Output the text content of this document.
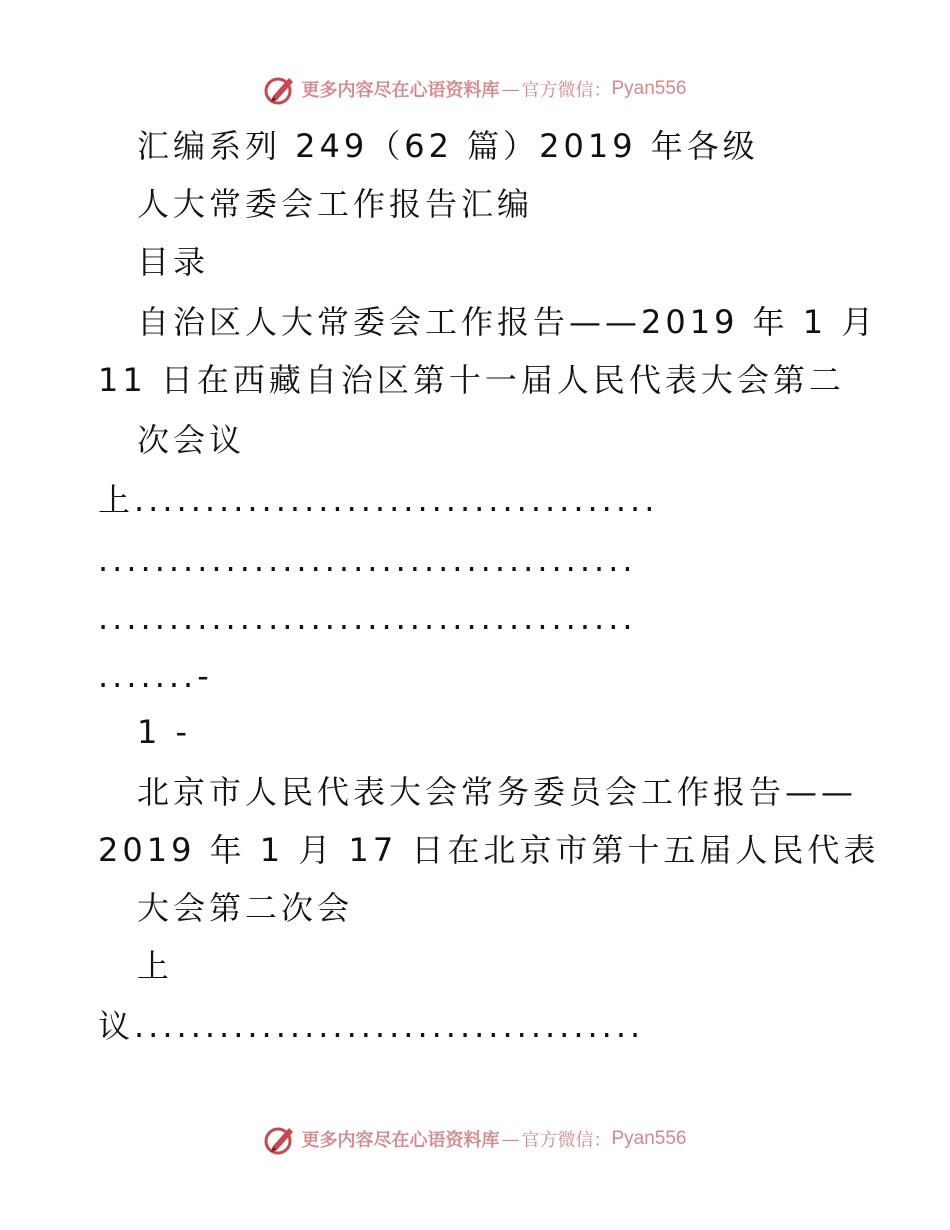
更多内容尽在心语资料库 — 官方微信： Pyan556
汇编系列 249（62 篇）2019 年各级
人大常委会工作报告汇编
目录
自治区人大常委会工作报告——2019 年 1 月
11 日在西藏自治区第十一届人民代表大会第二
次会议
上.....................................
......................................
......................................
.......-
1 -
北京市人民代表大会常务委员会工作报告——
2019 年 1 月 17 日在北京市第十五届人民代表
大会第二次会
上
议....................................
更多内容尽在心语资料库 — 官方微信： Pyan556
